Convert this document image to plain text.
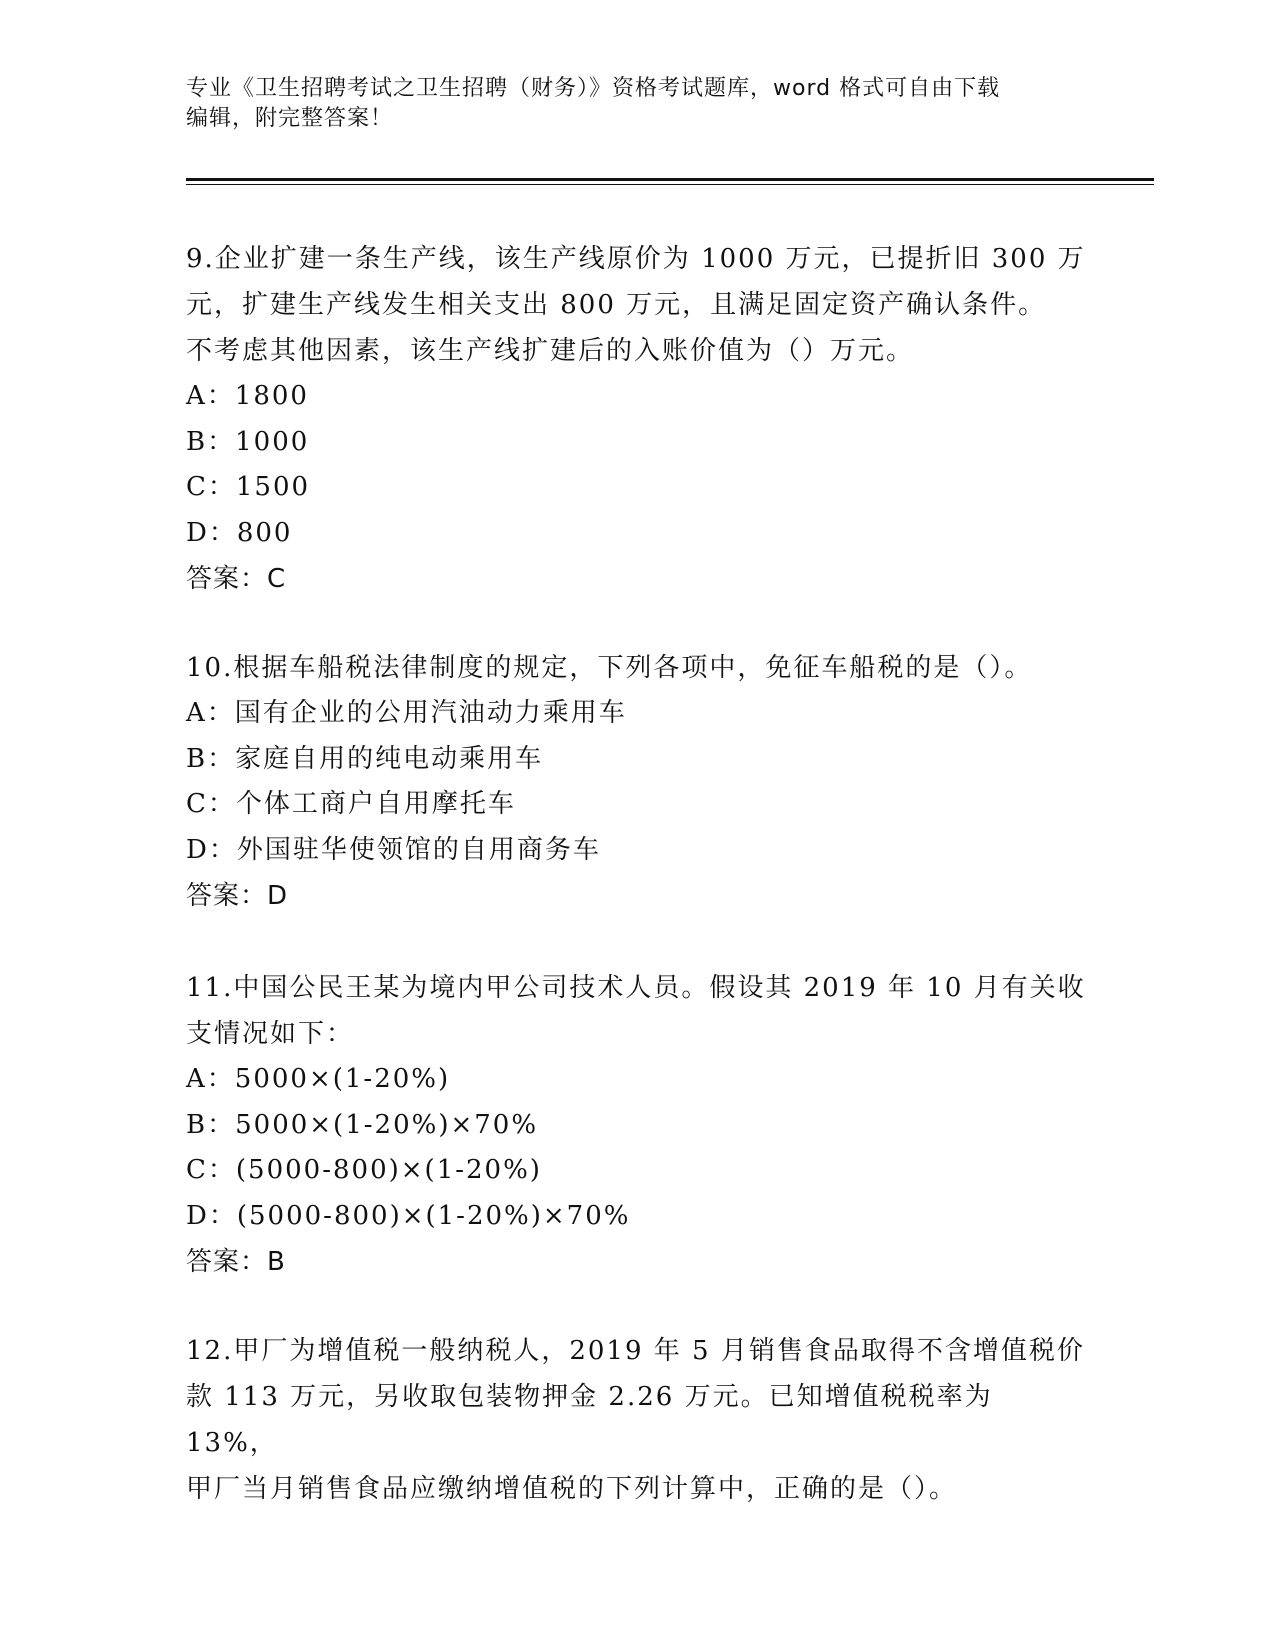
专业《卫生招聘考试之卫生招聘（财务）》资格考试题库，word 格式可自由下载
编辑，附完整答案！
9.企业扩建一条生产线，该生产线原价为 1000 万元，已提折旧 300 万
元，扩建生产线发生相关支出 800 万元，且满足固定资产确认条件。
不考虑其他因素，该生产线扩建后的入账价值为（）万元。
A：1800
B：1000
C：1500
D：800
答案：C
10.根据车船税法律制度的规定，下列各项中，免征车船税的是（）。
A：国有企业的公用汽油动力乘用车
B：家庭自用的纯电动乘用车
C：个体工商户自用摩托车
D：外国驻华使领馆的自用商务车
答案：D
11.中国公民王某为境内甲公司技术人员。假设其 2019 年 10 月有关收
支情况如下：
A：5000×(1-20%)
B：5000×(1-20%)×70%
C：(5000-800)×(1-20%)
D：(5000-800)×(1-20%)×70%
答案：B
12.甲厂为增值税一般纳税人，2019 年 5 月销售食品取得不含增值税价
款 113 万元，另收取包装物押金 2.26 万元。已知增值税税率为 13%，
甲厂当月销售食品应缴纳增值税的下列计算中，正确的是（）。
